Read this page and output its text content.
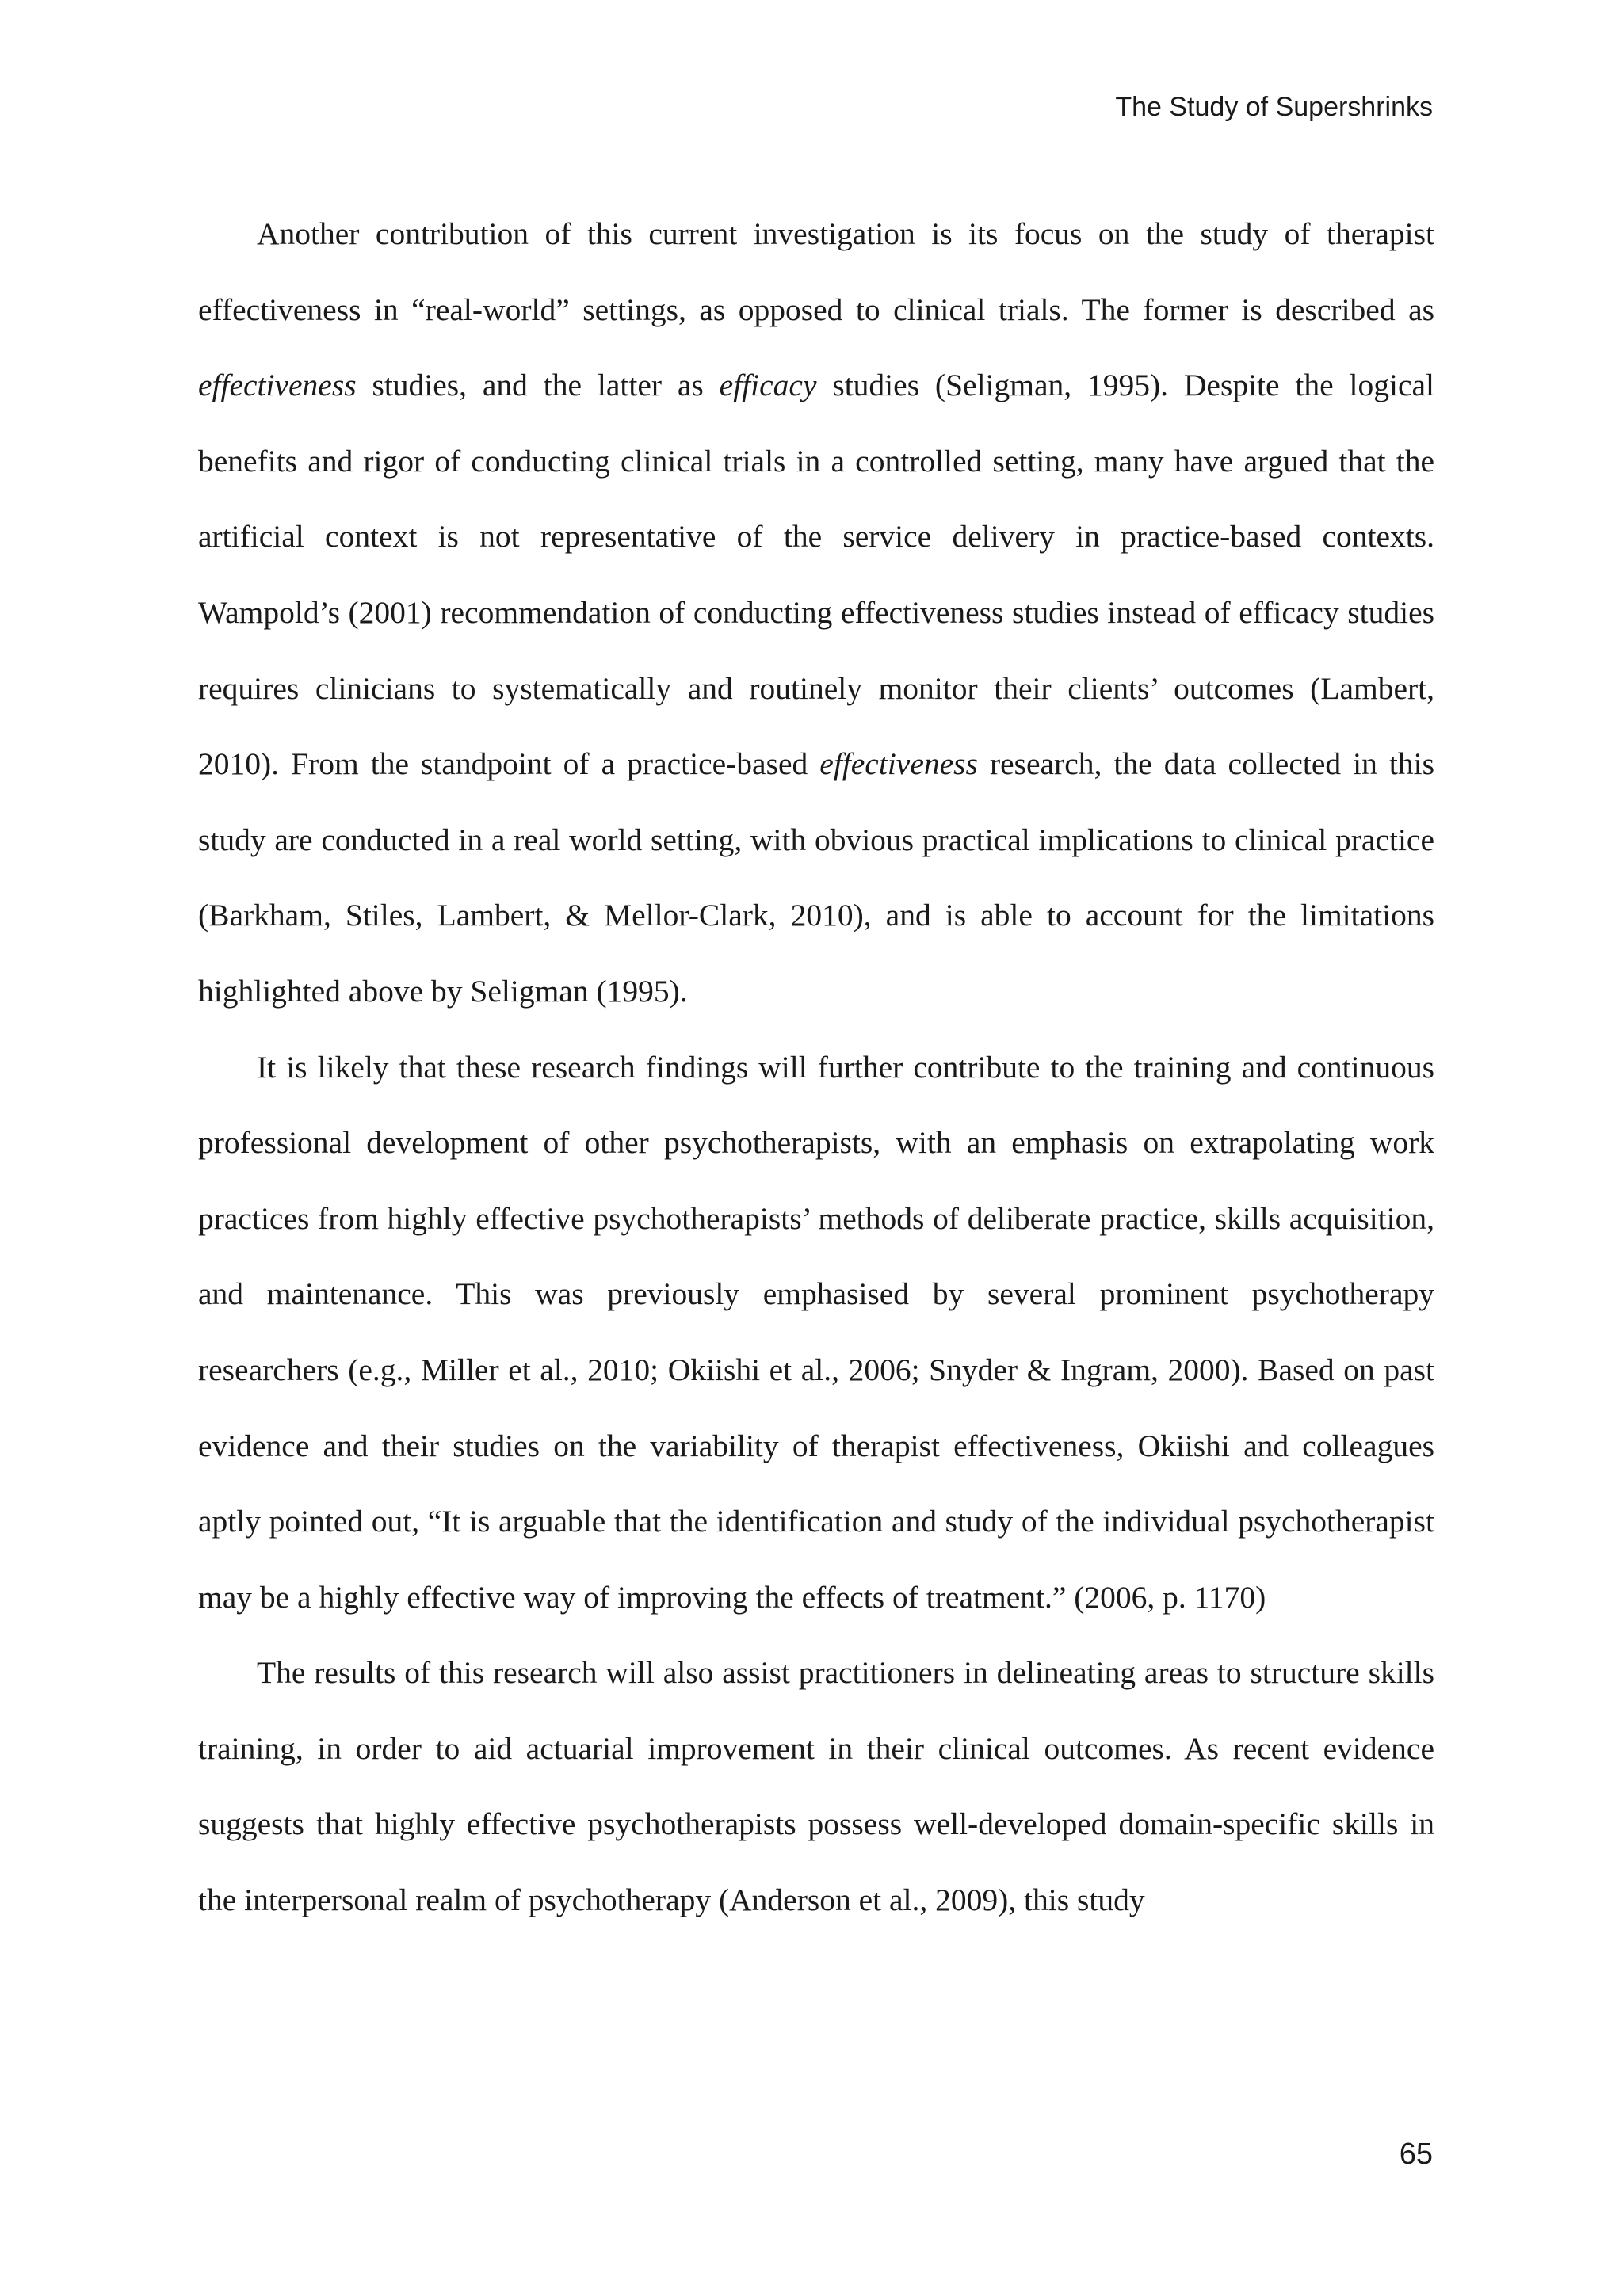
The Study of Supershrinks

Another contribution of this current investigation is its focus on the study of therapist effectiveness in “real-world” settings, as opposed to clinical trials. The former is described as effectiveness studies, and the latter as efficacy studies (Seligman, 1995). Despite the logical benefits and rigor of conducting clinical trials in a controlled setting, many have argued that the artificial context is not representative of the service delivery in practice-based contexts. Wampold’s (2001) recommendation of conducting effectiveness studies instead of efficacy studies requires clinicians to systematically and routinely monitor their clients’ outcomes (Lambert, 2010). From the standpoint of a practice-based effectiveness research, the data collected in this study are conducted in a real world setting, with obvious practical implications to clinical practice (Barkham, Stiles, Lambert, & Mellor-Clark, 2010), and is able to account for the limitations highlighted above by Seligman (1995).

It is likely that these research findings will further contribute to the training and continuous professional development of other psychotherapists, with an emphasis on extrapolating work practices from highly effective psychotherapists’ methods of deliberate practice, skills acquisition, and maintenance. This was previously emphasised by several prominent psychotherapy researchers (e.g., Miller et al., 2010; Okiishi et al., 2006; Snyder & Ingram, 2000). Based on past evidence and their studies on the variability of therapist effectiveness, Okiishi and colleagues aptly pointed out, “It is arguable that the identification and study of the individual psychotherapist may be a highly effective way of improving the effects of treatment.” (2006, p. 1170)

The results of this research will also assist practitioners in delineating areas to structure skills training, in order to aid actuarial improvement in their clinical outcomes. As recent evidence suggests that highly effective psychotherapists possess well-developed domain-specific skills in the interpersonal realm of psychotherapy (Anderson et al., 2009), this study

65
